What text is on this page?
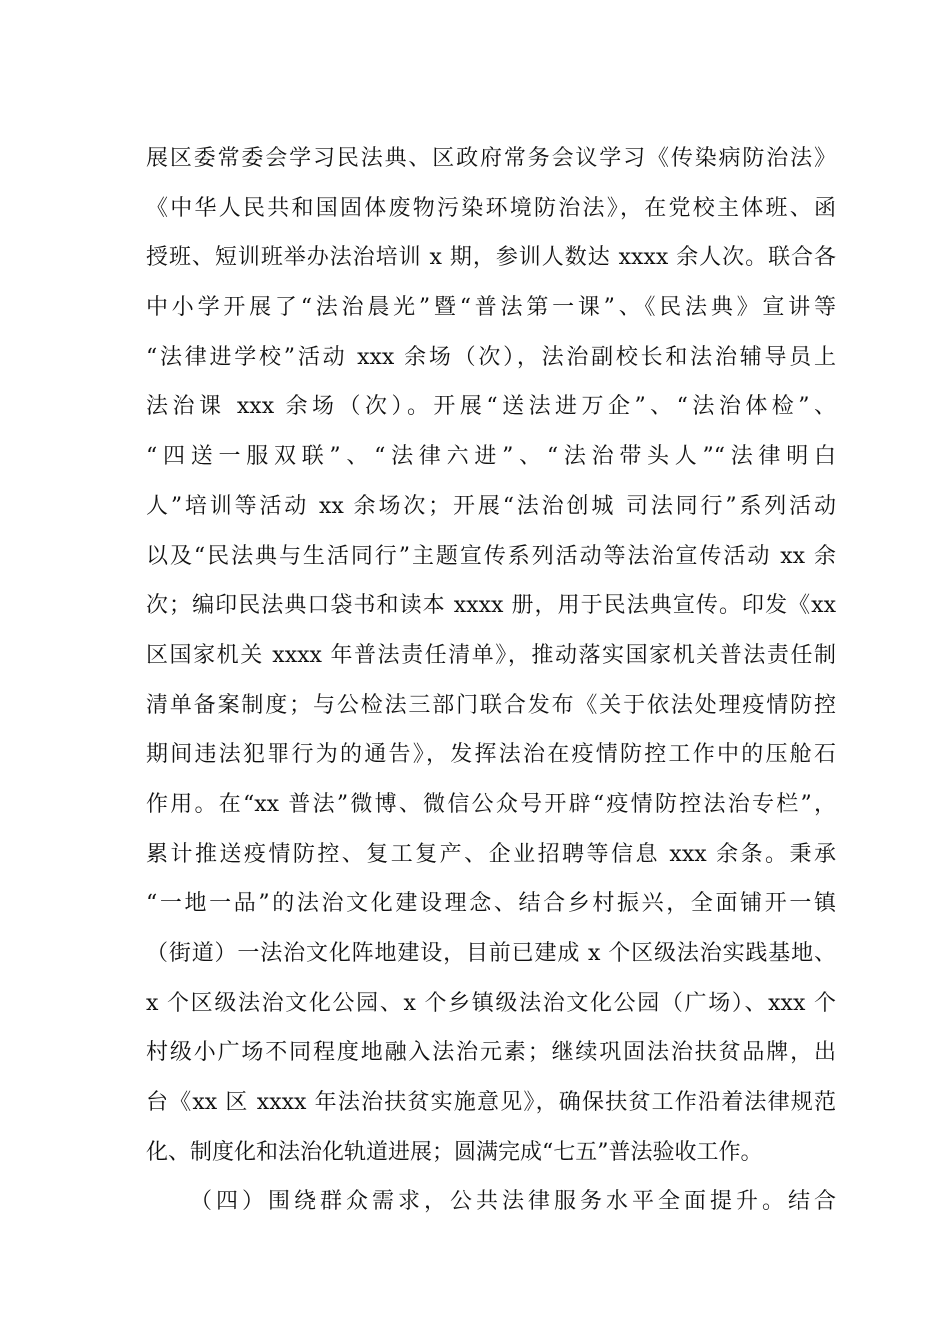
展区委常委会学习民法典、区政府常务会议学习《传染病防治法》
《中华人民共和国固体废物污染环境防治法》，在党校主体班、函
授班、短训班举办法治培训 x 期，参训人数达 xxxx 余人次。联合各
中小学开展了“法治晨光”暨“普法第一课”、《民法典》宣讲等
“法律进学校”活动 xxx 余场（次），法治副校长和法治辅导员上
法治课 xxx 余场（次）。开展“送法进万企”、“法治体检”、
“四送一服双联”、“法律六进”、“法治带头人”“法律明白
人”培训等活动 xx 余场次；开展“法治创城 司法同行”系列活动
以及“民法典与生活同行”主题宣传系列活动等法治宣传活动 xx 余
次；编印民法典口袋书和读本 xxxx 册，用于民法典宣传。印发《xx
区国家机关 xxxx 年普法责任清单》，推动落实国家机关普法责任制
清单备案制度；与公检法三部门联合发布《关于依法处理疫情防控
期间违法犯罪行为的通告》，发挥法治在疫情防控工作中的压舱石
作用。在“xx 普法”微博、微信公众号开辟“疫情防控法治专栏”，
累计推送疫情防控、复工复产、企业招聘等信息 xxx 余条。秉承
“一地一品”的法治文化建设理念、结合乡村振兴，全面铺开一镇
（街道）一法治文化阵地建设，目前已建成 x 个区级法治实践基地、
x 个区级法治文化公园、x 个乡镇级法治文化公园（广场）、xxx 个
村级小广场不同程度地融入法治元素；继续巩固法治扶贫品牌，出
台《xx 区 xxxx 年法治扶贫实施意见》，确保扶贫工作沿着法律规范
化、制度化和法治化轨道进展；圆满完成“七五”普法验收工作。
（四）围绕群众需求，公共法律服务水平全面提升。结合
